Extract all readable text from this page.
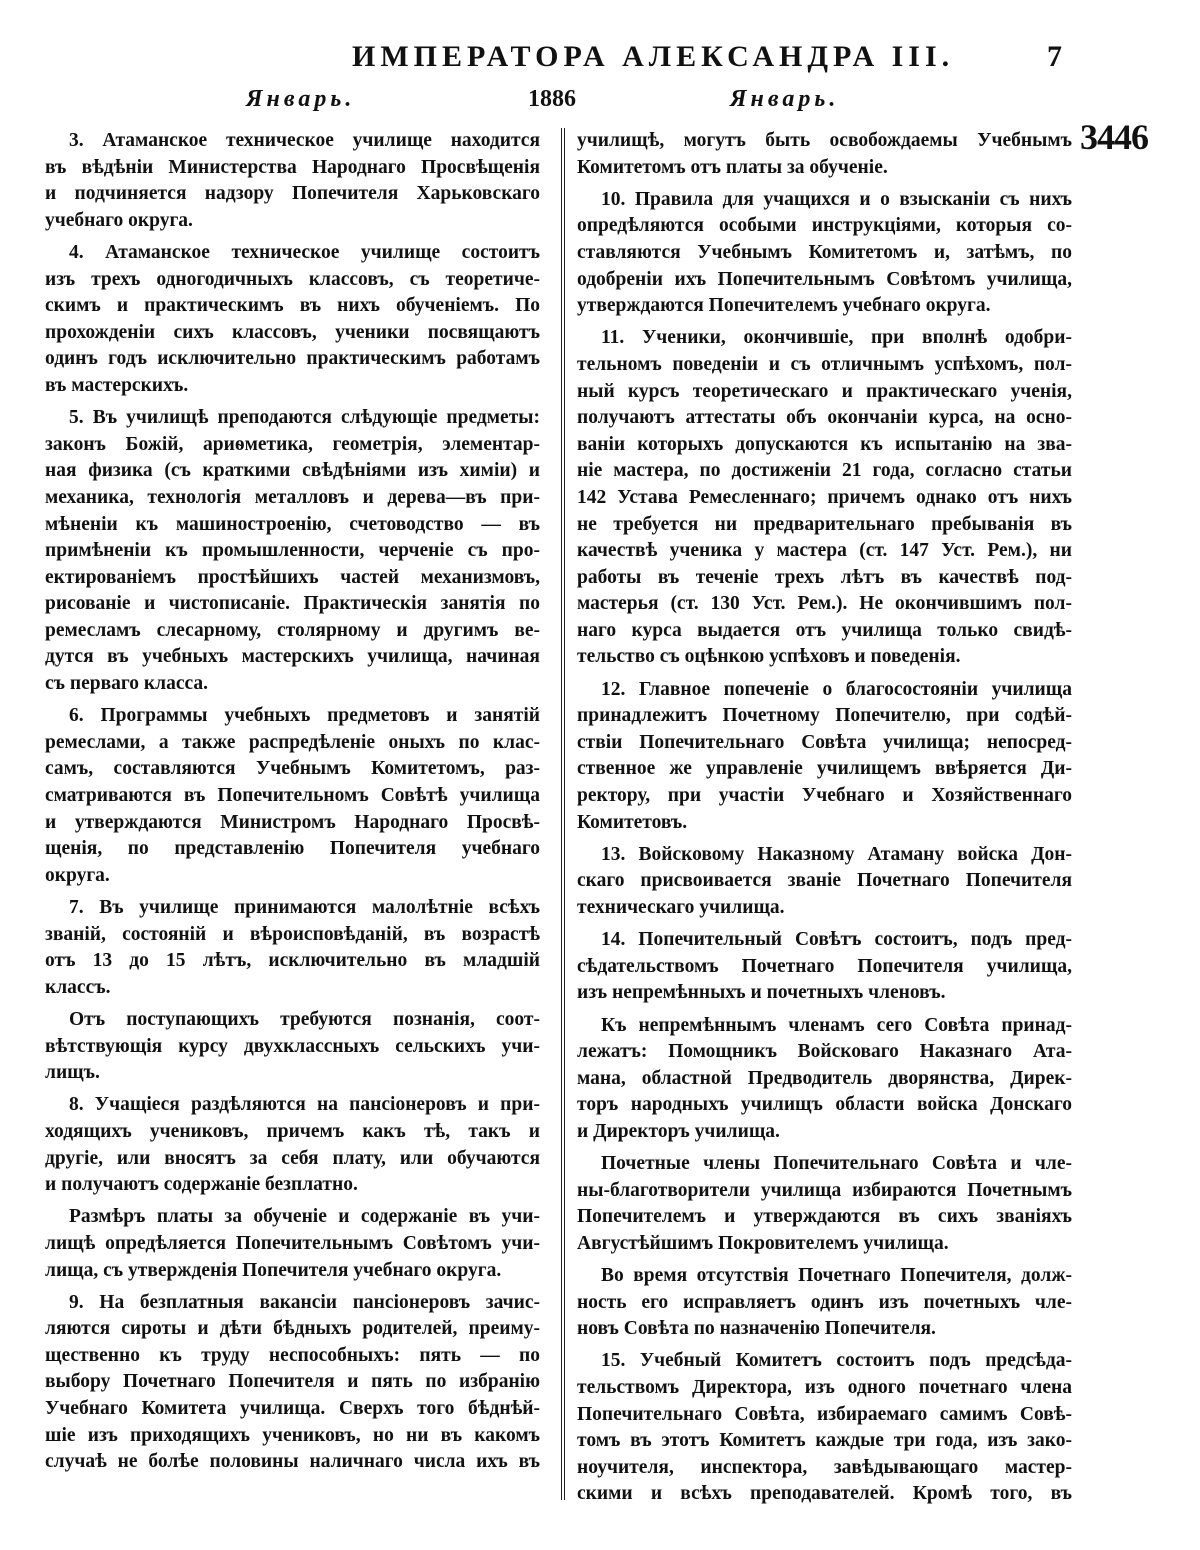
ИМПЕРАТОРА АЛЕКСАНДРА III.	7
Январь.	1886	Январь.
3446
3. Атаманское техническое училище находится
въ вѣдѣніи Министерства Народнаго Просвѣщенія
и подчиняется надзору Попечителя Харьковскаго
учебнаго округа.
4. Атаманское техническое училище состоитъ
изъ трехъ одногодичныхъ классовъ, съ теоретиче-
скимъ и практическимъ въ нихъ обученіемъ. По
прохожденіи сихъ классовъ, ученики посвящаютъ
одинъ годъ исключительно практическимъ работамъ
въ мастерскихъ.
5. Въ училищѣ преподаются слѣдующіе предметы:
законъ Божій, ариѳметика, геометрія, элементар-
ная физика (съ краткими свѣдѣніями изъ химіи) и
механика, технологія металловъ и дерева—въ при-
мѣненіи къ машиностроенію, счетоводство — въ
примѣненіи къ промышленности, черченіе съ про-
ектированіемъ простѣйшихъ частей механизмовъ,
рисованіе и чистописаніе. Практическія занятія по
ремесламъ слесарному, столярному и другимъ ве-
дутся въ учебныхъ мастерскихъ училища, начиная
съ перваго класса.
6. Программы учебныхъ предметовъ и занятій
ремеслами, а также распредѣленіе оныхъ по клас-
самъ, составляются Учебнымъ Комитетомъ, раз-
сматриваются въ Попечительномъ Совѣтѣ училища
и утверждаются Министромъ Народнаго Просвѣ-
щенія, по представленію Попечителя учебнаго
округа.
7. Въ училище принимаются малолѣтніе всѣхъ
званій, состояній и вѣроисповѣданій, въ возрастѣ
отъ 13 до 15 лѣтъ, исключительно въ младшій
классъ.
Отъ поступающихъ требуются познанія, соот-
вѣтствующія курсу двухклассныхъ сельскихъ учи-
лищъ.
8. Учащіеся раздѣляются на пансіонеровъ и при-
ходящихъ учениковъ, причемъ какъ тѣ, такъ и
другіе, или вносятъ за себя плату, или обучаются
и получаютъ содержаніе безплатно.
Размѣръ платы за обученіе и содержаніе въ учи-
лищѣ опредѣляется Попечительнымъ Совѣтомъ учи-
лища, съ утвержденія Попечителя учебнаго округа.
9. На безплатныя вакансіи пансіонеровъ зачис-
ляются сироты и дѣти бѣдныхъ родителей, преиму-
щественно къ труду неспособныхъ: пять — по
выбору Почетнаго Попечителя и пять по избранію
Учебнаго Комитета училища. Сверхъ того бѣднѣй-
шіе изъ приходящихъ учениковъ, но ни въ какомъ
случаѣ не болѣе половины наличнаго числа ихъ въ
училищѣ, могутъ быть освобождаемы Учебнымъ
Комитетомъ отъ платы за обученіе.
10. Правила для учащихся и о взысканіи съ нихъ
опредѣляются особыми инструкціями, которыя со-
ставляются Учебнымъ Комитетомъ и, затѣмъ, по
одобреніи ихъ Попечительнымъ Совѣтомъ училища,
утверждаются Попечителемъ учебнаго округа.
11. Ученики, окончившіе, при вполнѣ одобри-
тельномъ поведеніи и съ отличнымъ успѣхомъ, пол-
ный курсъ теоретическаго и практическаго ученія,
получаютъ аттестаты объ окончаніи курса, на осно-
ваніи которыхъ допускаются къ испытанію на зва-
ніе мастера, по достиженіи 21 года, согласно статьи
142 Устава Ремесленнаго; причемъ однако отъ нихъ
не требуется ни предварительнаго пребыванія въ
качествѣ ученика у мастера (ст. 147 Уст. Рем.), ни
работы въ теченіе трехъ лѣтъ въ качествѣ под-
мастерья (ст. 130 Уст. Рем.). Не окончившимъ пол-
наго курса выдается отъ училища только свидѣ-
тельство съ оцѣнкою успѣховъ и поведенія.
12. Главное попеченіе о благосостояніи училища
принадлежитъ Почетному Попечителю, при содѣй-
ствіи Попечительнаго Совѣта училища; непосред-
ственное же управленіе училищемъ ввѣряется Ди-
ректору, при участіи Учебнаго и Хозяйственнаго
Комитетовъ.
13. Войсковому Наказному Атаману войска Дон-
скаго присвоивается званіе Почетнаго Попечителя
техническаго училища.
14. Попечительный Совѣтъ состоитъ, подъ пред-
сѣдательствомъ Почетнаго Попечителя училища,
изъ непремѣнныхъ и почетныхъ членовъ.
Къ непремѣннымъ членамъ сего Совѣта принад-
лежатъ: Помощникъ Войсковаго Наказнаго Ата-
мана, областной Предводитель дворянства, Дирек-
торъ народныхъ училищъ области войска Донскаго
и Директоръ училища.
Почетные члены Попечительнаго Совѣта и чле-
ны-благотворители училища избираются Почетнымъ
Попечителемъ и утверждаются въ сихъ званіяхъ
Августѣйшимъ Покровителемъ училища.
Во время отсутствія Почетнаго Попечителя, долж-
ность его исправляетъ одинъ изъ почетныхъ чле-
новъ Совѣта по назначенію Попечителя.
15. Учебный Комитетъ состоитъ подъ предсѣда-
тельствомъ Директора, изъ одного почетнаго члена
Попечительнаго Совѣта, избираемаго самимъ Совѣ-
томъ въ этотъ Комитетъ каждые три года, изъ зако-
ноучителя, инспектора, завѣдывающаго мастер-
скими и всѣхъ преподавателей. Кромѣ того, въ
